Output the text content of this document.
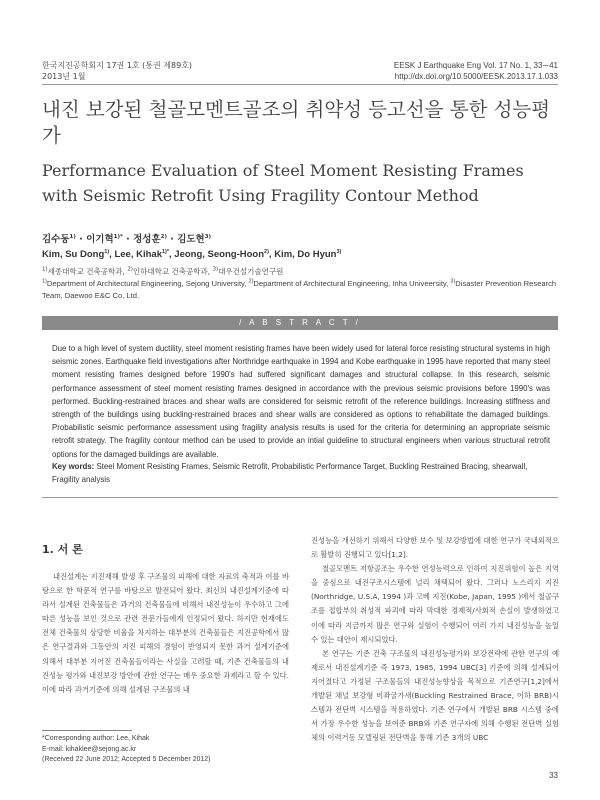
한국지진공학회지 17권 1호 (통권 제89호)
2013년 1월
EESK J Earthquake Eng Vol. 17 No. 1, 33∼41
http://dx.doi.org/10.5000/EESK.2013.17.1.033
내진 보강된 철골모멘트골조의 취약성 등고선을 통한 성능평가
Performance Evaluation of Steel Moment Resisting Frames with Seismic Retrofit Using Fragility Contour Method
김수동$^{1)}$ · 이기혁$^{1)*}$ · 정성훈$^{2)}$ · 김도현$^{3)}$
Kim, Su Dong$^{1)}$, Lee, Kihak$^{1)*}$, Jeong, Seong-Hoon$^{2)}$, Kim, Do Hyun$^{3)}$
$^{1)}$세종대학교 건축공학과, $^{2)}$인하대학교 건축공학과, $^{3)}$대우건설기술연구원
$^{1)}$Department of Architectural Engineering, Sejong University, $^{2)}$Department of Architectural Engineering, Inha Univeersity, $^{3)}$Disaster Prevention Research Team, Daewoo E&C Co, Ltd.
/ A B S T R A C T /
Due to a high level of system ductility, steel moment resisting frames have been widely used for lateral force resisting structural systems in high seismic zones. Earthquake field investigations after Northridge earthquake in 1994 and Kobe earthquake in 1995 have reported that many steel moment resisting frames designed before 1990's had suffered significant damages and structural collapse. In this research, seismic performance assessment of steel moment resisting frames designed in accordance with the previous seismic provisions before 1990's was performed. Buckling-restrained braces and shear walls are considered for seismic retrofit of the reference buildings. Increasing stiffness and strength of the buildings using buckling-restrained braces and shear walls are considered as options to rehabilitate the damaged buildings. Probabilistic seismic performance assessment using fragility analysis results is used for the criteria for determining an appropriate seismic retrofit strategy. The fragility contour method can be used to provide an intial guideline to structural engineers when various structural retrofit options for the damaged buildings are available.
Key words: Steel Moment Resisting Frames, Seismic Retrofit, Probabilistic Performance Target, Buckling Restrained Bracing, shearwall, Fragility analysis
1. 서 론

내진설계는 지진재해 발생 후 구조물의 피해에 대한 자료의 축적과 이를 바탕으로 한 학문적 연구를 바탕으로 발전되어 왔다. 최신의 내진설계기준에 따라서 설계된 건축물들은 과거의 건축물들에 비해서 내진성능이 우수하고 그에 따른 성능을 보인 것으로 관련 전문가들에게 인정되어 왔다. 하지만 현재에도 전체 건축물의 상당한 비율을 차지하는 대부분의 건축물들은 지진공학에서 많은 연구결과와 그동안의 지진 피해의 경험이 반영되지 못한 과거 설계기준에 의해서 대부분 지어진 건축물들이라는 사실을 고려할 때, 기존 건축물들의 내진성능 평가와 내진보강 방안에 관한 연구는 매우 중요한 과제라고 할 수 있다. 이에 따라 과거기준에 의해 설계된 구조물의 내

진성능을 개선하기 위해서 다양한 보수 및 보강방법에 대한 연구가 국내외적으로 활발히 진행되고 있다[1,2].

철골모멘트 저항골조는 우수한 연성능력으로 인하여 지진위험이 높은 지역을 중심으로 내진구조시스템에 널리 채택되어 왔다. 그러나 노스리지 지진(Northridge, U.S.A, 1994 )과 고베 지진(Kobe, Japan, 1995 )에서 철골구조를 접합부의 취성적 파괴에 따라 막대한 경제적/사회적 손실이 발생하였고 이에 따라 지금까지 많은 연구와 실험이 수행되어 여러 가지 내진성능을 높일 수 있는 대안이 제시되었다.

본 연구는 기존 건축 구조물의 내진성능평가와 보강전략에 관한 연구의 예제로서 내진설계기준 즉 1973, 1985, 1994 UBC[3] 기준에 의해 설계되어 지어졌다고 가정된 구조물들의 내진성능향상을 목적으로 기존연구[1,2]에서 개발된 채널 보강형 비좌굴가새(Buckling Restrained Brace, 이하 BRB)시스템과 전단벽 시스템을 적용하였다. 기존 연구에서 개발된 BRB 시스템 중에서 가장 우수한 성능을 보여준 BRB와 기존 연구자에 의해 수행된 전단벽 실험체의 이력거동 모델링된 전단벽을 통해 기존 3개의 UBC

*Corresponding author: Lee, Kihak
E-mail: kihaklee@sejong.ac.kr
(Received 22 June 2012; Accepted 5 December 2012)
33
